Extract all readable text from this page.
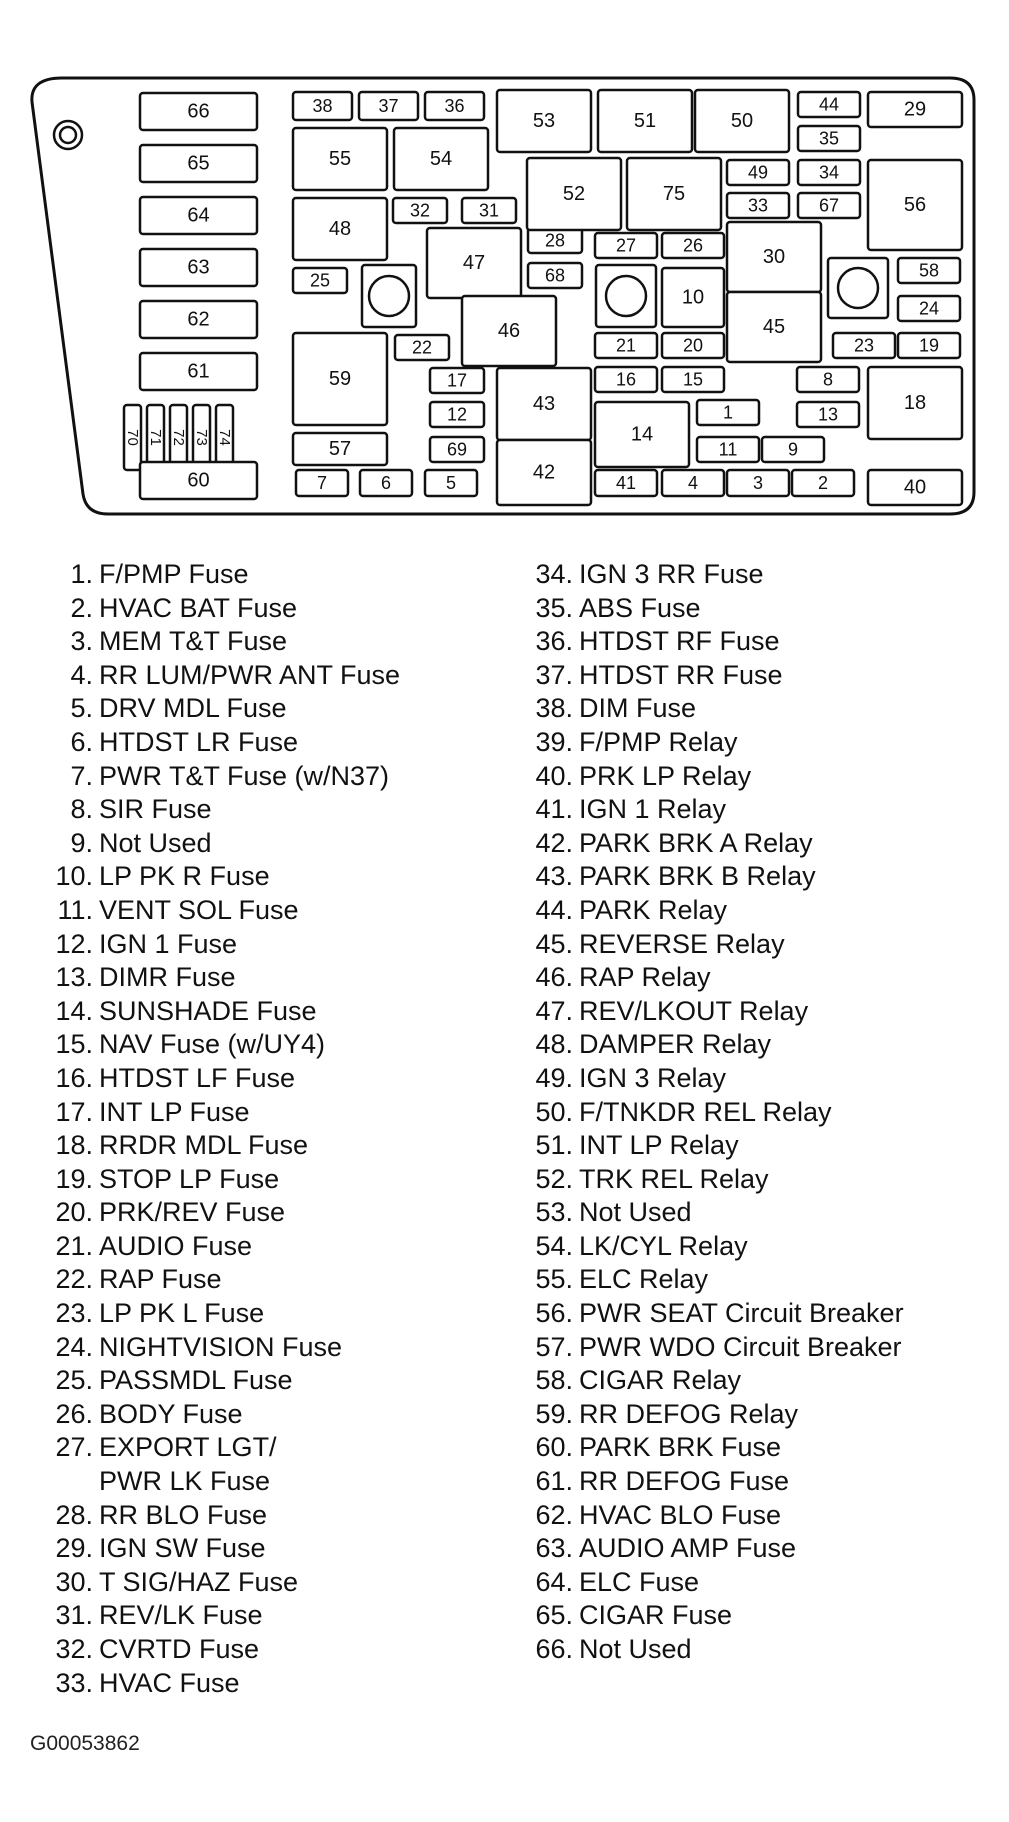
66
65
64
63
62
61
70 71 72 73 74
60
38	37	36
55	54
48
32	31
25
22
59
57
7	6	5
47
17
12
69
46
28
68
53
43
42
51
52
27	26
21	20
16	15
14
41	4	3	2
1
11	9
8
13
10
75
50
49
33
30
45
44
35
34
67
29
56
58
24
23 19
18
40
1. F/PMP Fuse
2. HVAC BAT Fuse
3. MEM T&T Fuse
4. RR LUM/PWR ANT Fuse
5. DRV MDL Fuse
6. HTDST LR Fuse
7. PWR T&T Fuse (w/N37)
8. SIR Fuse
9. Not Used
10. LP PK R Fuse
11. VENT SOL Fuse
12. IGN 1 Fuse
13. DIMR Fuse
14. SUNSHADE Fuse
15. NAV Fuse (w/UY4)
16. HTDST LF Fuse
17. INT LP Fuse
18. RRDR MDL Fuse
19. STOP LP Fuse
20. PRK/REV Fuse
21. AUDIO Fuse
22. RAP Fuse
23. LP PK L Fuse
24. NIGHTVISION Fuse
25. PASSMDL Fuse
26. BODY Fuse
27. EXPORT LGT/
PWR LK Fuse
28. RR BLO Fuse
29. IGN SW Fuse
30. T SIG/HAZ Fuse
31. REV/LK Fuse
32. CVRTD Fuse
33. HVAC Fuse
34. IGN 3 RR Fuse
35. ABS Fuse
36. HTDST RF Fuse
37. HTDST RR Fuse
38. DIM Fuse
39. F/PMP Relay
40. PRK LP Relay
41. IGN 1 Relay
42. PARK BRK A Relay
43. PARK BRK B Relay
44. PARK Relay
45. REVERSE Relay
46. RAP Relay
47. REV/LKOUT Relay
48. DAMPER Relay
49. IGN 3 Relay
50. F/TNKDR REL Relay
51. INT LP Relay
52. TRK REL Relay
53. Not Used
54. LK/CYL Relay
55. ELC Relay
56. PWR SEAT Circuit Breaker
57. PWR WDO Circuit Breaker
58. CIGAR Relay
59. RR DEFOG Relay
60. PARK BRK Fuse
61. RR DEFOG Fuse
62. HVAC BLO Fuse
63. AUDIO AMP Fuse
64. ELC Fuse
65. CIGAR Fuse
66. Not Used
G00053862
